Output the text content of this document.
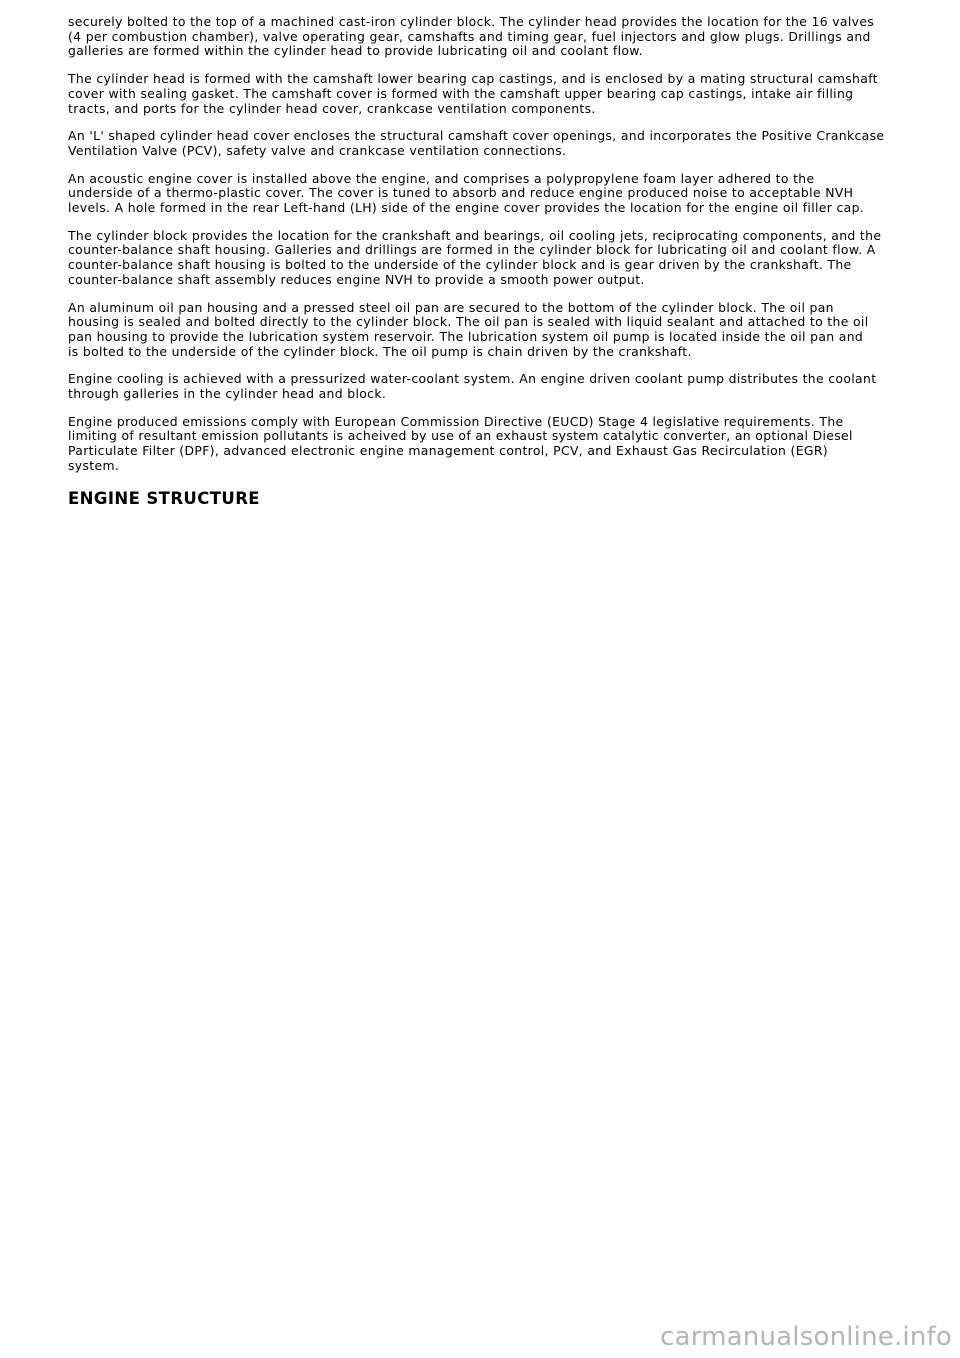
securely bolted to the top of a machined cast-iron cylinder block. The cylinder head provides the location for the 16 valves
(4 per combustion chamber), valve operating gear, camshafts and timing gear, fuel injectors and glow plugs. Drillings and
galleries are formed within the cylinder head to provide lubricating oil and coolant flow.

The cylinder head is formed with the camshaft lower bearing cap castings, and is enclosed by a mating structural camshaft
cover with sealing gasket. The camshaft cover is formed with the camshaft upper bearing cap castings, intake air filling
tracts, and ports for the cylinder head cover, crankcase ventilation components.

An 'L' shaped cylinder head cover encloses the structural camshaft cover openings, and incorporates the Positive Crankcase
Ventilation Valve (PCV), safety valve and crankcase ventilation connections.

An acoustic engine cover is installed above the engine, and comprises a polypropylene foam layer adhered to the
underside of a thermo-plastic cover. The cover is tuned to absorb and reduce engine produced noise to acceptable NVH
levels. A hole formed in the rear Left-hand (LH) side of the engine cover provides the location for the engine oil filler cap.

The cylinder block provides the location for the crankshaft and bearings, oil cooling jets, reciprocating components, and the
counter-balance shaft housing. Galleries and drillings are formed in the cylinder block for lubricating oil and coolant flow. A
counter-balance shaft housing is bolted to the underside of the cylinder block and is gear driven by the crankshaft. The
counter-balance shaft assembly reduces engine NVH to provide a smooth power output.

An aluminum oil pan housing and a pressed steel oil pan are secured to the bottom of the cylinder block. The oil pan
housing is sealed and bolted directly to the cylinder block. The oil pan is sealed with liquid sealant and attached to the oil
pan housing to provide the lubrication system reservoir. The lubrication system oil pump is located inside the oil pan and
is bolted to the underside of the cylinder block. The oil pump is chain driven by the crankshaft.

Engine cooling is achieved with a pressurized water-coolant system. An engine driven coolant pump distributes the coolant
through galleries in the cylinder head and block.

Engine produced emissions comply with European Commission Directive (EUCD) Stage 4 legislative requirements. The
limiting of resultant emission pollutants is acheived by use of an exhaust system catalytic converter, an optional Diesel
Particulate Filter (DPF), advanced electronic engine management control, PCV, and Exhaust Gas Recirculation (EGR)
system.

ENGINE STRUCTURE
carmanualsonline.info
